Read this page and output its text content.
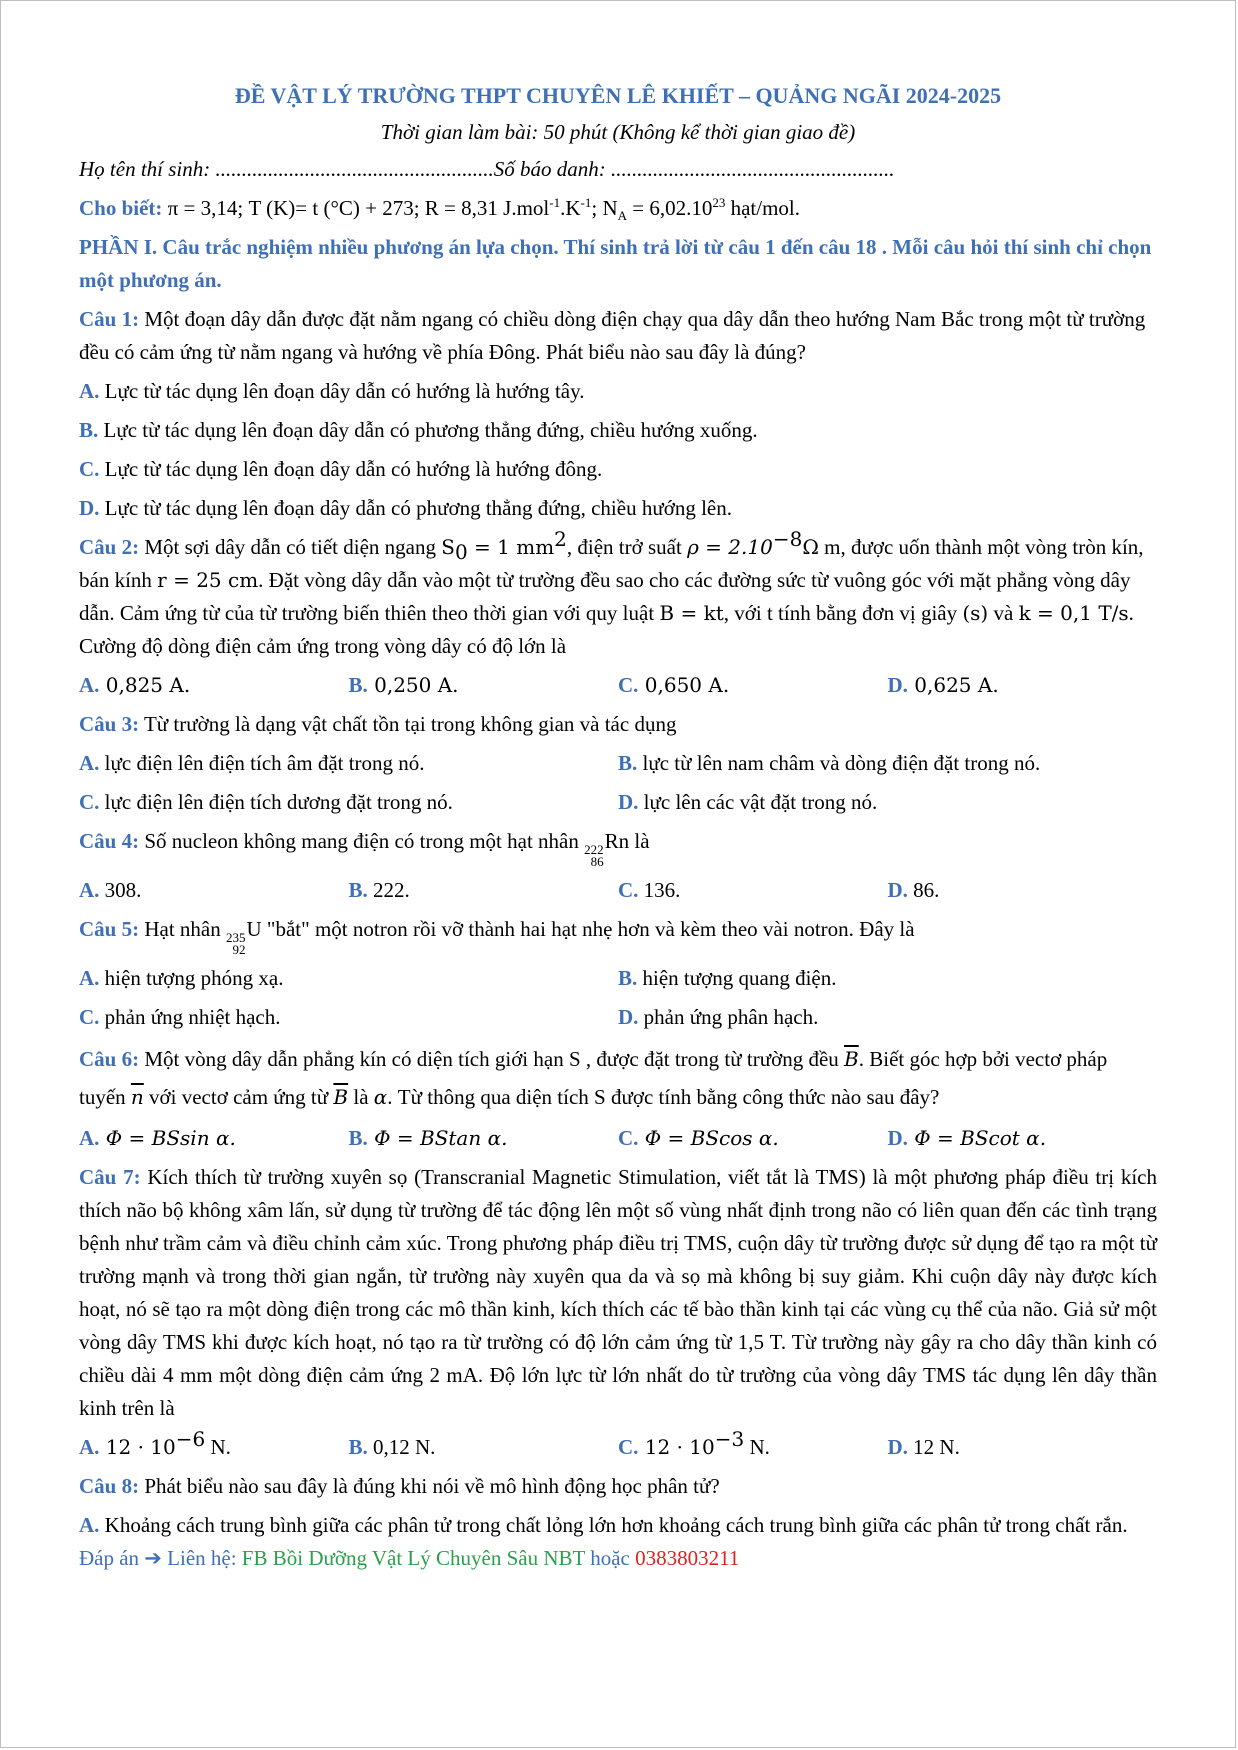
ĐỀ VẬT LÝ TRƯỜNG THPT CHUYÊN LÊ KHIẾT – QUẢNG NGÃI 2024-2025
Thời gian làm bài: 50 phút (Không kể thời gian giao đề)
Họ tên thí sinh: .....................................................Số báo danh: ......................................................
Cho biết: π = 3,14; T (K)= t (°C) + 273; R = 8,31 $J.mol^{-1}.K^{-1}$; $N_A = 6,02.10^{23}$ hạt/mol.
PHẦN I. Câu trắc nghiệm nhiều phương án lựa chọn. Thí sinh trả lời từ câu 1 đến câu 18 . Mỗi câu hỏi thí sinh chỉ chọn một phương án.
Câu 1: Một đoạn dây dẫn được đặt nằm ngang có chiều dòng điện chạy qua dây dẫn theo hướng Nam Bắc trong một từ trường đều có cảm ứng từ nằm ngang và hướng về phía Đông. Phát biểu nào sau đây là đúng?
A. Lực từ tác dụng lên đoạn dây dẫn có hướng là hướng tây.
B. Lực từ tác dụng lên đoạn dây dẫn có phương thẳng đứng, chiều hướng xuống.
C. Lực từ tác dụng lên đoạn dây dẫn có hướng là hướng đông.
D. Lực từ tác dụng lên đoạn dây dẫn có phương thẳng đứng, chiều hướng lên.
Câu 2: Một sợi dây dẫn có tiết diện ngang $S_0 = 1$ $mm^2$, điện trở suất $\rho = 2.10^{-8}\Omega$ m, được uốn thành một vòng tròn kín, bán kính r = 25 cm. Đặt vòng dây dẫn vào một từ trường đều sao cho các đường sức từ vuông góc với mặt phẳng vòng dây dẫn. Cảm ứng từ của từ trường biến thiên theo thời gian với quy luật B = kt, với t tính bằng đơn vị giây (s) và k = 0,1 T/s. Cường độ dòng điện cảm ứng trong vòng dây có độ lớn là
A. 0,825 A.	B. 0,250 A.	C. 0,650 A.	D. 0,625 A.
Câu 3: Từ trường là dạng vật chất tồn tại trong không gian và tác dụng
A. lực điện lên điện tích âm đặt trong nó.	B. lực từ lên nam châm và dòng điện đặt trong nó.
C. lực điện lên điện tích dương đặt trong nó.	D. lực lên các vật đặt trong nó.
Câu 4: Số nucleon không mang điện có trong một hạt nhân 222
86
Rn là
A. 308.	B. 222.	C. 136.	D. 86.
Câu 5: Hạt nhân 235
92
U "bắt" một notron rồi vỡ thành hai hạt nhẹ hơn và kèm theo vài notron. Đây là
A. hiện tượng phóng xạ.	B. hiện tượng quang điện.
C. phản ứng nhiệt hạch.	D. phản ứng phân hạch.
Câu 6: Một vòng dây dẫn phẳng kín có diện tích giới hạn S , được đặt trong từ trường đều $\overline{B}$. Biết góc hợp bởi vectơ pháp tuyến $\overline{n}$ với vectơ cảm ứng từ $\overline{B}$ là α. Từ thông qua diện tích S được tính bằng công thức nào sau đây?
A. Φ = BSsin α.	B. Φ = BStan α.	C. Φ = BScos α.	D. Φ = BScot α.
Câu 7: Kích thích từ trường xuyên sọ (Transcranial Magnetic Stimulation, viết tắt là TMS) là một phương pháp điều trị kích thích não bộ không xâm lấn, sử dụng từ trường để tác động lên một số vùng nhất định trong não có liên quan đến các tình trạng bệnh như trầm cảm và điều chỉnh cảm xúc. Trong phương pháp điều trị TMS, cuộn dây từ trường được sử dụng để tạo ra một từ trường mạnh và trong thời gian ngắn, từ trường này xuyên qua da và sọ mà không bị suy giảm. Khi cuộn dây này được kích hoạt, nó sẽ tạo ra một dòng điện trong các mô thần kinh, kích thích các tế bào thần kinh tại các vùng cụ thể của não. Giả sử một vòng dây TMS khi được kích hoạt, nó tạo ra từ trường có độ lớn cảm ứng từ 1,5 T. Từ trường này gây ra cho dây thần kinh có chiều dài 4 mm một dòng điện cảm ứng 2 mA. Độ lớn lực từ lớn nhất do từ trường của vòng dây TMS tác dụng lên dây thần kinh trên là
A. $12 \cdot 10^{-6}$ N.	B. 0,12 N.	C. $12 \cdot 10^{-3}$ N.	D. 12 N.
Câu 8: Phát biểu nào sau đây là đúng khi nói về mô hình động học phân tử?
A. Khoảng cách trung bình giữa các phân tử trong chất lỏng lớn hơn khoảng cách trung bình giữa các phân tử trong chất rắn.
Đáp án ➔ Liên hệ: FB Bồi Dưỡng Vật Lý Chuyên Sâu NBT hoặc 0383803211
